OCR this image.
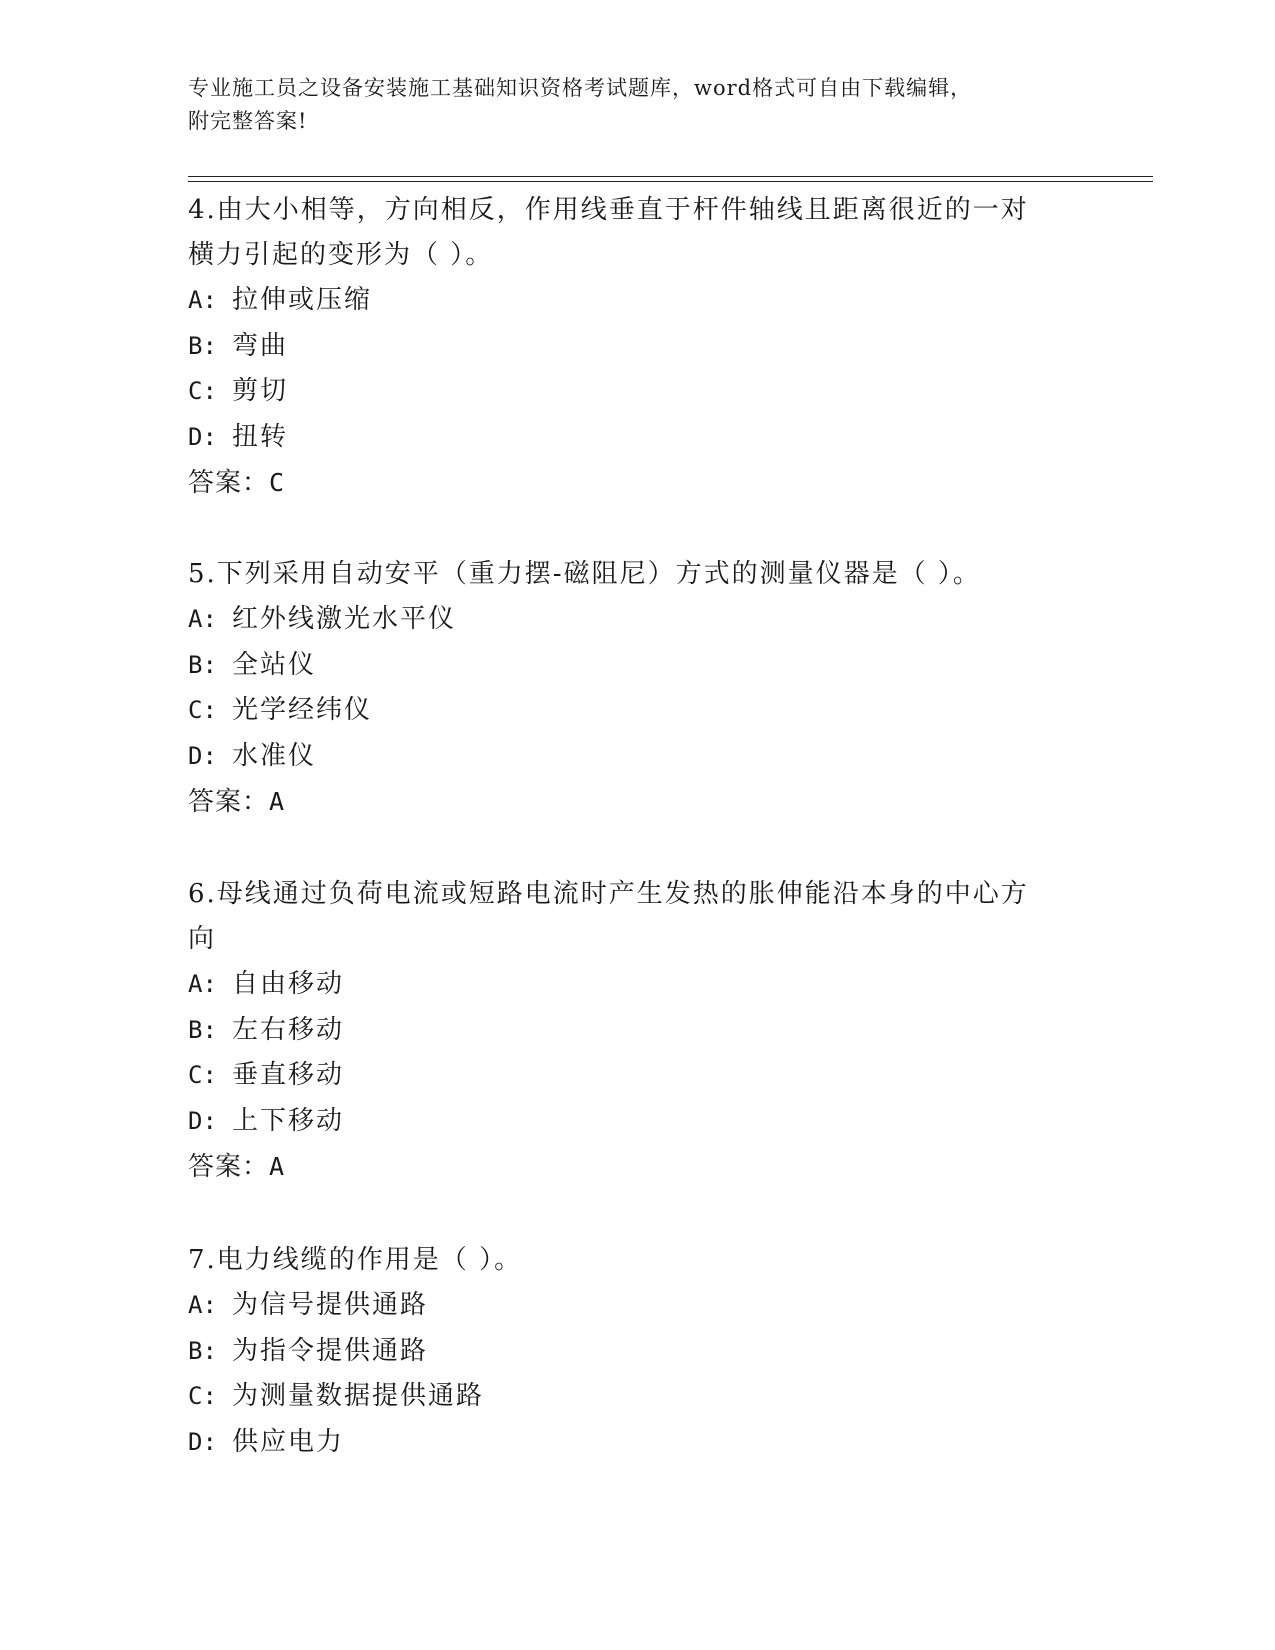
专业施工员之设备安装施工基础知识资格考试题库，word格式可自由下载编辑，
附完整答案!
4.由大小相等，方向相反，作用线垂直于杆件轴线且距离很近的一对
横力引起的变形为（ ）。
A: 拉伸或压缩
B: 弯曲
C: 剪切
D: 扭转
答案：C
5.下列采用自动安平（重力摆-磁阻尼）方式的测量仪器是（ ）。
A: 红外线激光水平仪
B: 全站仪
C: 光学经纬仪
D: 水准仪
答案：A
6.母线通过负荷电流或短路电流时产生发热的胀伸能沿本身的中心方
向
A: 自由移动
B: 左右移动
C: 垂直移动
D: 上下移动
答案：A
7.电力线缆的作用是（ ）。
A: 为信号提供通路
B: 为指令提供通路
C: 为测量数据提供通路
D: 供应电力
